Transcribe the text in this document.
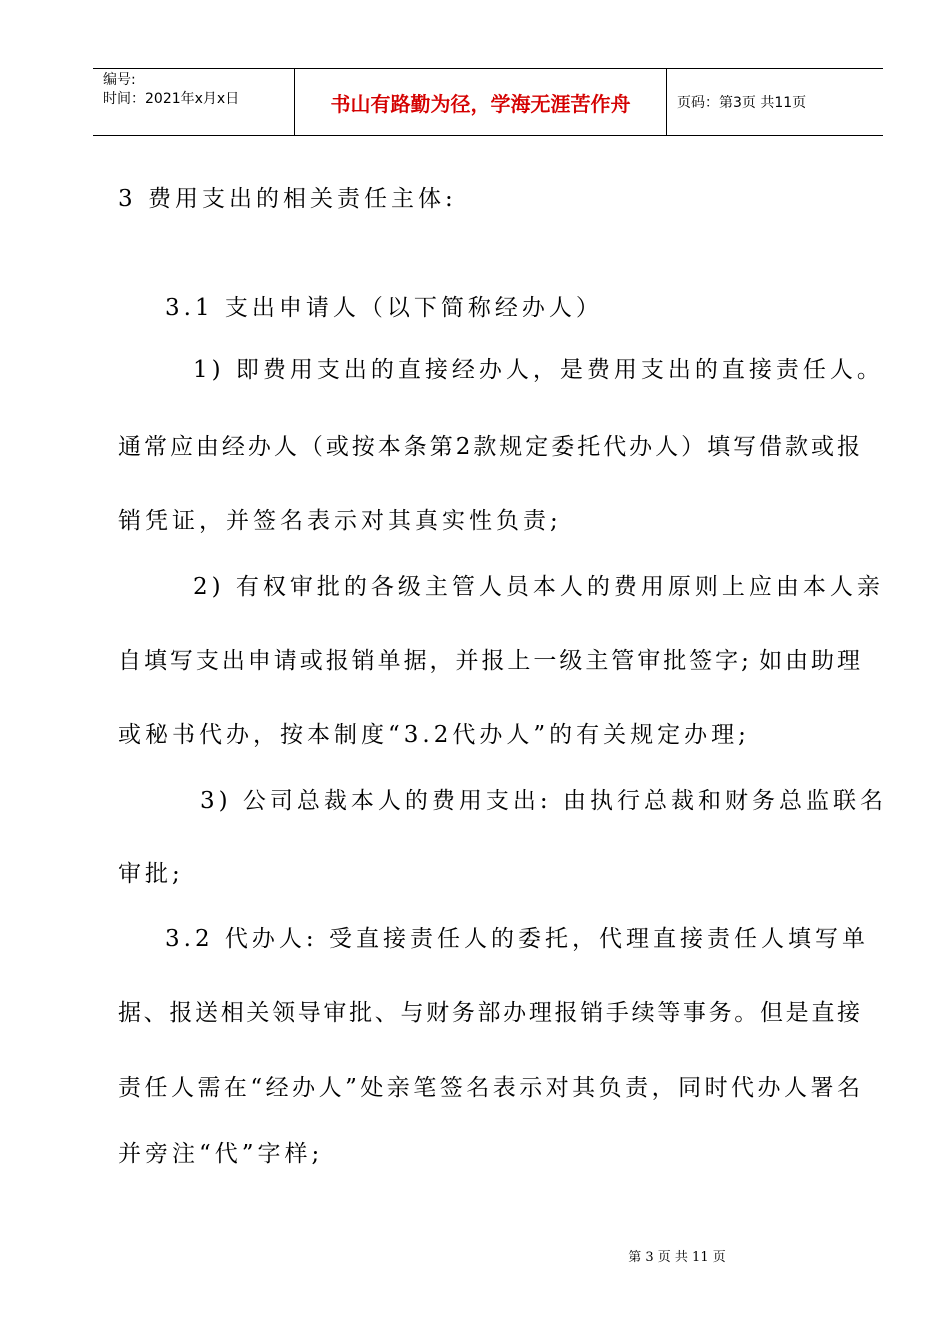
编号:
时间：2021年x月x日	书山有路勤为径，学海无涯苦作舟	页码：第3页 共11页
3 费用支出的相关责任主体:
3.1 支出申请人（以下简称经办人）
1) 即费用支出的直接经办人，是费用支出的直接责任人。
通常应由经办人（或按本条第2款规定委托代办人）填写借款或报
销凭证，并签名表示对其真实性负责;
2) 有权审批的各级主管人员本人的费用原则上应由本人亲
自填写支出申请或报销单据，并报上一级主管审批签字; 如由助理
或秘书代办，按本制度“3.2代办人”的有关规定办理;
3) 公司总裁本人的费用支出: 由执行总裁和财务总监联名
审批;
3.2 代办人: 受直接责任人的委托，代理直接责任人填写单
据、报送相关领导审批、与财务部办理报销手续等事务。但是直接
责任人需在“经办人”处亲笔签名表示对其负责，同时代办人署名
并旁注“代”字样;
第 3 页 共 11 页
